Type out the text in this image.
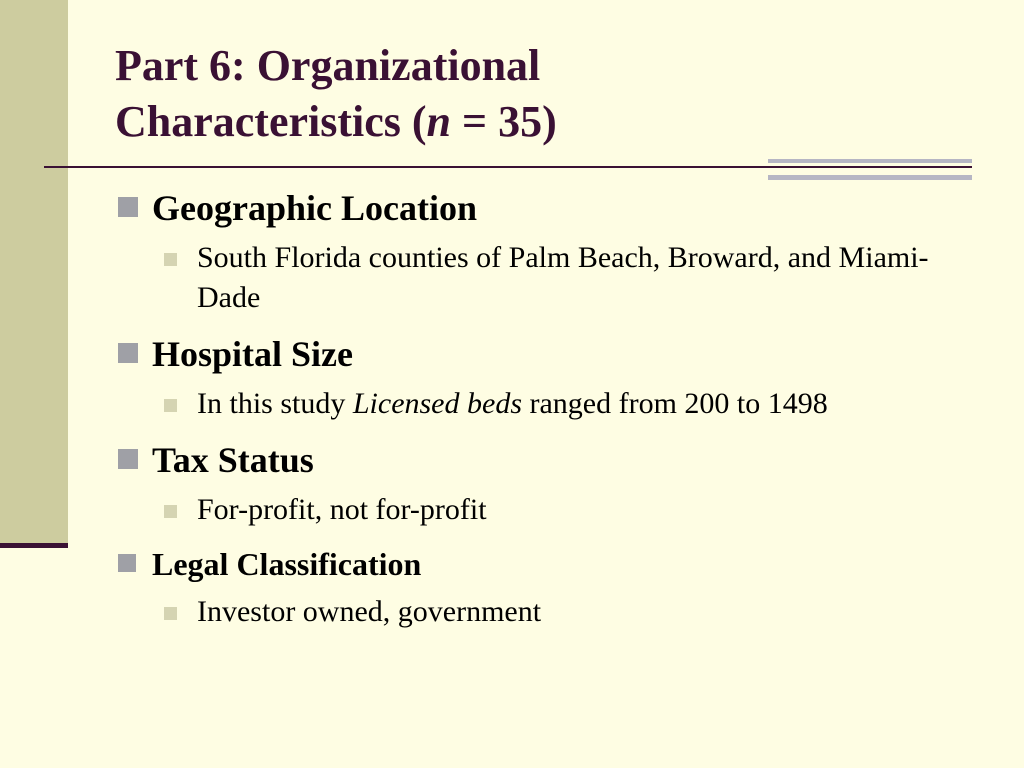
Part 6: Organizational
Characteristics (n = 35)
Geographic Location
South Florida counties of Palm Beach, Broward, and Miami-Dade
Hospital Size
In this study Licensed beds ranged from 200 to 1498
Tax Status
For-profit, not for-profit
Legal Classification
Investor owned, government
